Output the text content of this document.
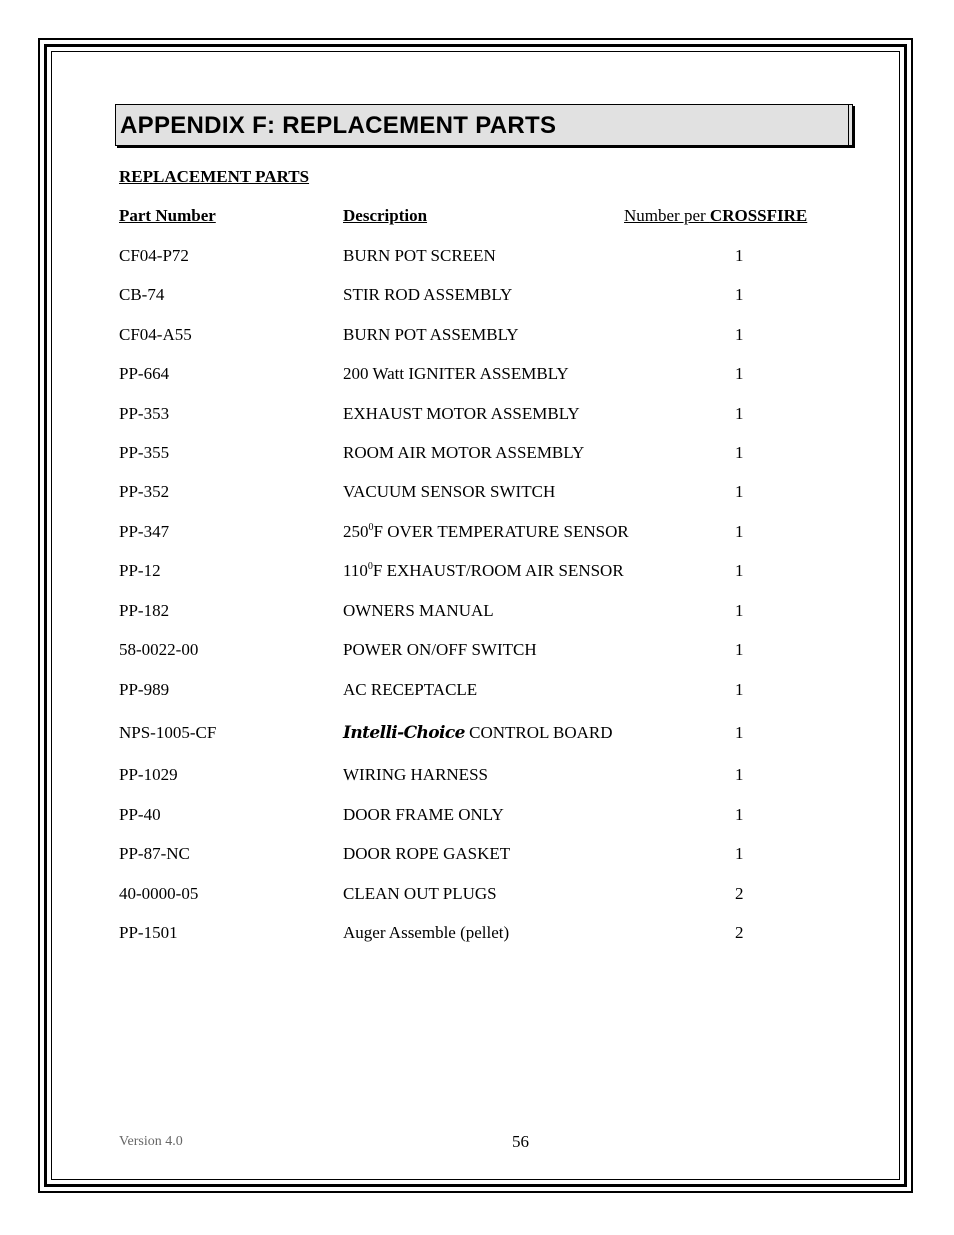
APPENDIX F: REPLACEMENT PARTS
REPLACEMENT PARTS
Part Number	Description	Number per CROSSFIRE
CF04-P72	BURN POT SCREEN	1
CB-74	STIR ROD ASSEMBLY	1
CF04-A55	BURN POT ASSEMBLY	1
PP-664	200 Watt IGNITER ASSEMBLY	1
PP-353	EXHAUST MOTOR ASSEMBLY	1
PP-355	ROOM AIR MOTOR ASSEMBLY	1
PP-352	VACUUM SENSOR SWITCH	1
PP-347	$250^0F$ OVER TEMPERATURE SENSOR	1
PP-12	$110^0F$ EXHAUST/ROOM AIR SENSOR	1
PP-182	OWNERS MANUAL	1
58-0022-00	POWER ON/OFF SWITCH	1
PP-989	AC RECEPTACLE	1
NPS-1005-CF	Intelli-Choice CONTROL BOARD	1
PP-1029	WIRING HARNESS	1
PP-40	DOOR FRAME ONLY	1
PP-87-NC	DOOR ROPE GASKET	1
40-0000-05	CLEAN OUT PLUGS	2
PP-1501	Auger Assemble (pellet)	2
Version 4.0	56
